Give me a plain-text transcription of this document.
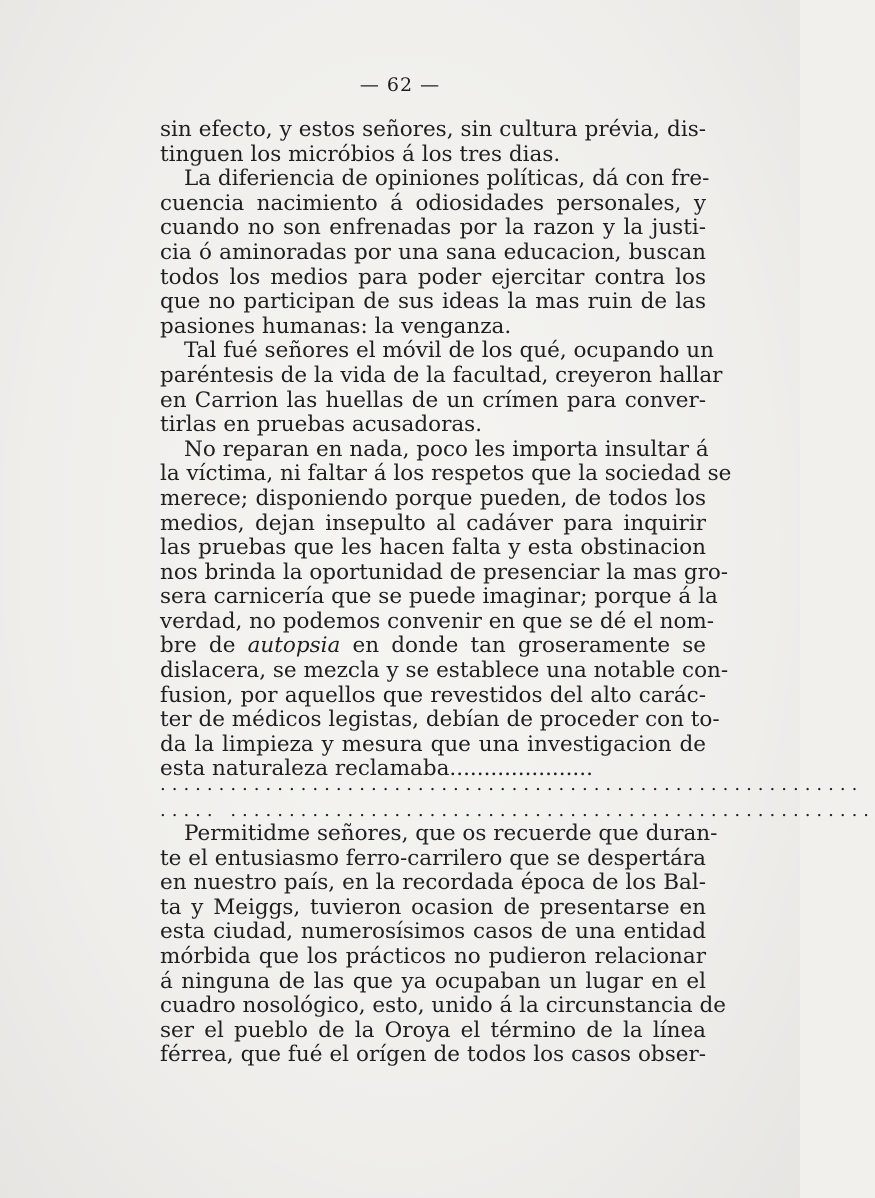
— 62 —
sin efecto, y estos señores, sin cultura prévia, dis-
tinguen los micróbios á los tres dias.
La diferiencia de opiniones políticas, dá con fre-
cuencia nacimiento á odiosidades personales, y
cuando no son enfrenadas por la razon y la justi-
cia ó aminoradas por una sana educacion, buscan
todos los medios para poder ejercitar contra los
que no participan de sus ideas la mas ruin de las
pasiones humanas: la venganza.
Tal fué señores el móvil de los qué, ocupando un
paréntesis de la vida de la facultad, creyeron hallar
en Carrion las huellas de un crímen para conver-
tirlas en pruebas acusadoras.
No reparan en nada, poco les importa insultar á
la víctima, ni faltar á los respetos que la sociedad se
merece; disponiendo porque pueden, de todos los
medios, dejan insepulto al cadáver para inquirir
las pruebas que les hacen falta y esta obstinacion
nos brinda la oportunidad de presenciar la mas gro-
sera carnicería que se puede imaginar; porque á la
verdad, no podemos convenir en que se dé el nom-
bre de autopsia en donde tan groseramente se
dislacera, se mezcla y se establece una notable con-
fusion, por aquellos que revestidos del alto carác-
ter de médicos legistas, debían de proceder con to-
da la limpieza y mesura que una investigacion de
esta naturaleza reclamaba.....................
............................................................
..... .......................................................
Permitidme señores, que os recuerde que duran-
te el entusiasmo ferro-carrilero que se despertára
en nuestro país, en la recordada época de los Bal-
ta y Meiggs, tuvieron ocasion de presentarse en
esta ciudad, numerosísimos casos de una entidad
mórbida que los prácticos no pudieron relacionar
á ninguna de las que ya ocupaban un lugar en el
cuadro nosológico, esto, unido á la circunstancia de
ser el pueblo de la Oroya el término de la línea
férrea, que fué el orígen de todos los casos obser-
